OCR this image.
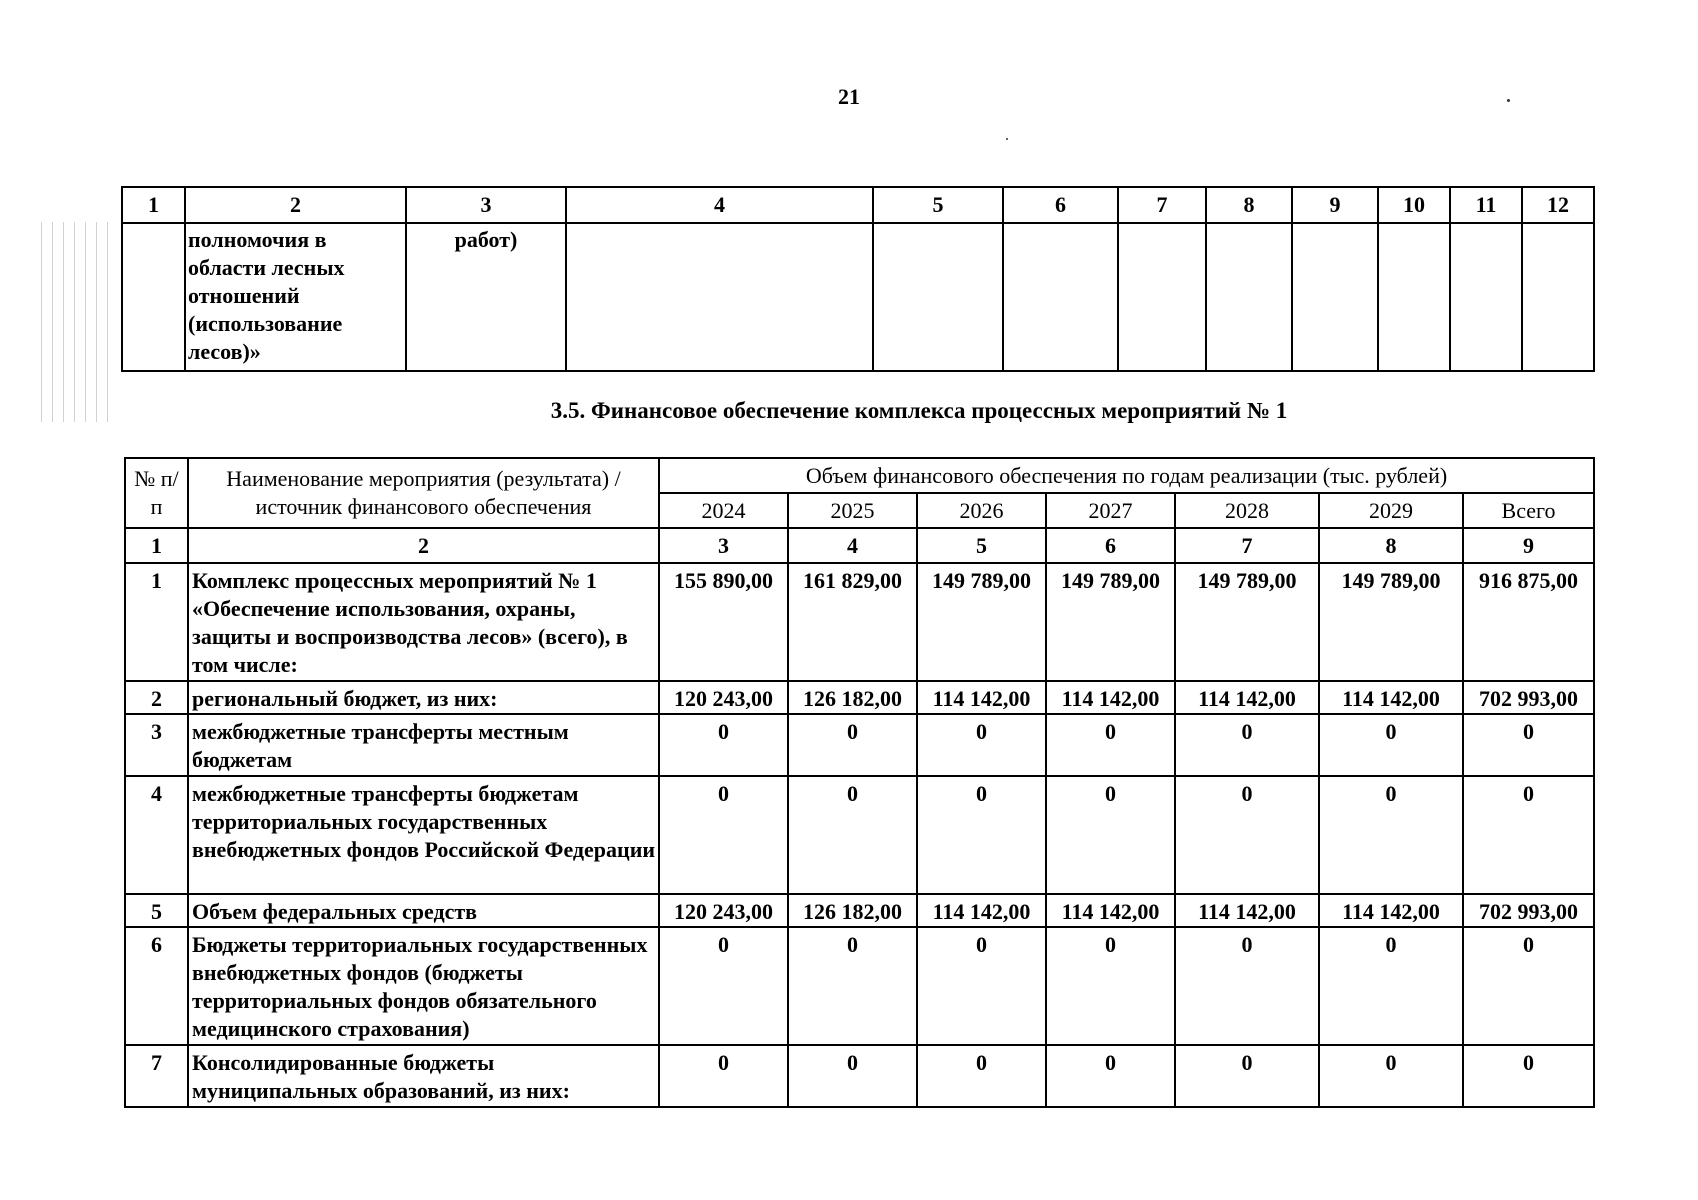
21
1	2	3	4	5	6	7	8	9	10	11	12
	полномочия в области лесных отношений (использование лесов)»	работ)									
3.5. Финансовое обеспечение комплекса процессных мероприятий № 1
№ п/п	Наименование мероприятия (результата) / источник финансового обеспечения	Объем финансового обеспечения по годам реализации (тыс. рублей)						
		2024	2025	2026	2027	2028	2029	Всего
1	2	3	4	5	6	7	8	9
1	Комплекс процессных мероприятий № 1 «Обеспечение использования, охраны, защиты и воспроизводства лесов» (всего), в том числе:	155 890,00	161 829,00	149 789,00	149 789,00	149 789,00	149 789,00	916 875,00
2	региональный бюджет, из них:	120 243,00	126 182,00	114 142,00	114 142,00	114 142,00	114 142,00	702 993,00
3	межбюджетные трансферты местным бюджетам	0	0	0	0	0	0	0
4	межбюджетные трансферты бюджетам территориальных государственных внебюджетных фондов Российской Федерации	0	0	0	0	0	0	0
5	Объем федеральных средств	120 243,00	126 182,00	114 142,00	114 142,00	114 142,00	114 142,00	702 993,00
6	Бюджеты территориальных государственных внебюджетных фондов (бюджеты территориальных фондов обязательного медицинского страхования)	0	0	0	0	0	0	0
7	Консолидированные бюджеты муниципальных образований, из них:	0	0	0	0	0	0	0
